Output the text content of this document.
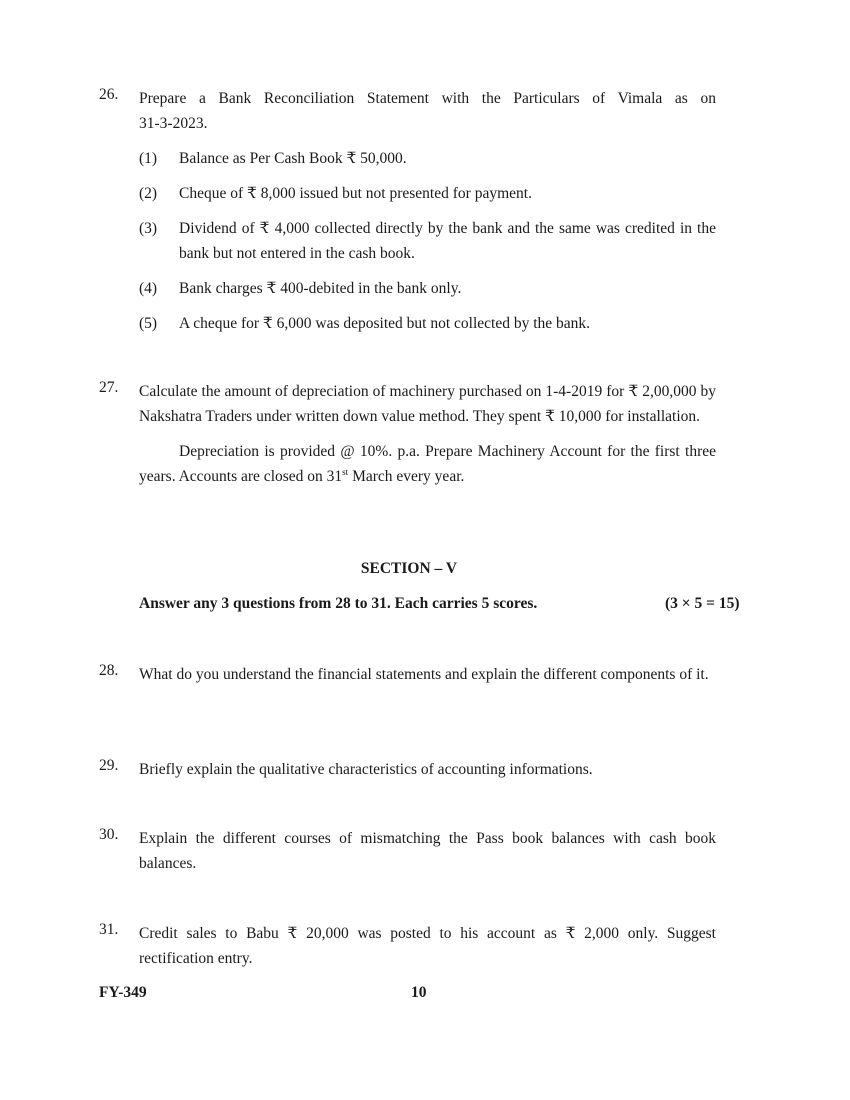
26. Prepare a Bank Reconciliation Statement with the Particulars of Vimala as on
31-3-2023.
(1) Balance as Per Cash Book ₹ 50,000.
(2) Cheque of ₹ 8,000 issued but not presented for payment.
(3) Dividend of ₹ 4,000 collected directly by the bank and the same was credited in the bank but not entered in the cash book.
(4) Bank charges ₹ 400-debited in the bank only.
(5) A cheque for ₹ 6,000 was deposited but not collected by the bank.
27. Calculate the amount of depreciation of machinery purchased on 1-4-2019 for ₹ 2,00,000 by Nakshatra Traders under written down value method. They spent ₹ 10,000 for installation.
Depreciation is provided @ 10%. p.a. Prepare Machinery Account for the first three years. Accounts are closed on 31st March every year.
SECTION – V
Answer any 3 questions from 28 to 31. Each carries 5 scores.	(3 × 5 = 15)
28. What do you understand the financial statements and explain the different components of it.
29. Briefly explain the qualitative characteristics of accounting informations.
30. Explain the different courses of mismatching the Pass book balances with cash book balances.
31. Credit sales to Babu ₹ 20,000 was posted to his account as ₹ 2,000 only. Suggest rectification entry.
FY-349	10
